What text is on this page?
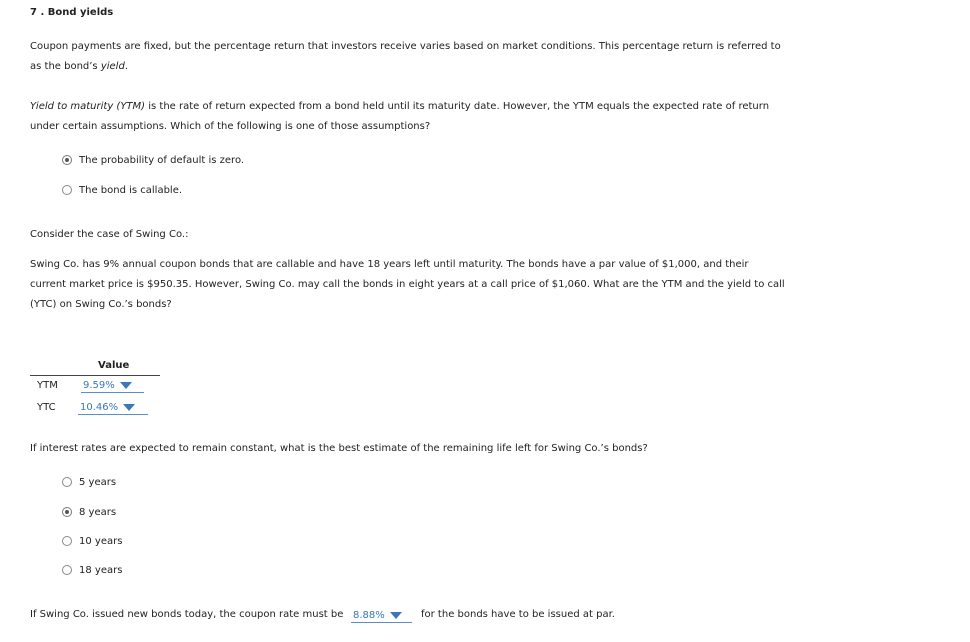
7 . Bond yields
Coupon payments are fixed, but the percentage return that investors receive varies based on market conditions. This percentage return is referred to
as the bond’s yield.
Yield to maturity (YTM) is the rate of return expected from a bond held until its maturity date. However, the YTM equals the expected rate of return
under certain assumptions. Which of the following is one of those assumptions?
The probability of default is zero.
The bond is callable.
Consider the case of Swing Co.:
Swing Co. has 9% annual coupon bonds that are callable and have 18 years left until maturity. The bonds have a par value of $1,000, and their
current market price is $950.35. However, Swing Co. may call the bonds in eight years at a call price of $1,060. What are the YTM and the yield to call
(YTC) on Swing Co.’s bonds?
Value
YTM	9.59%
YTC 10.46%
If interest rates are expected to remain constant, what is the best estimate of the remaining life left for Swing Co.’s bonds?
5 years
8 years
10 years
18 years
If Swing Co. issued new bonds today, the coupon rate must be 8.88%	for the bonds have to be issued at par.
